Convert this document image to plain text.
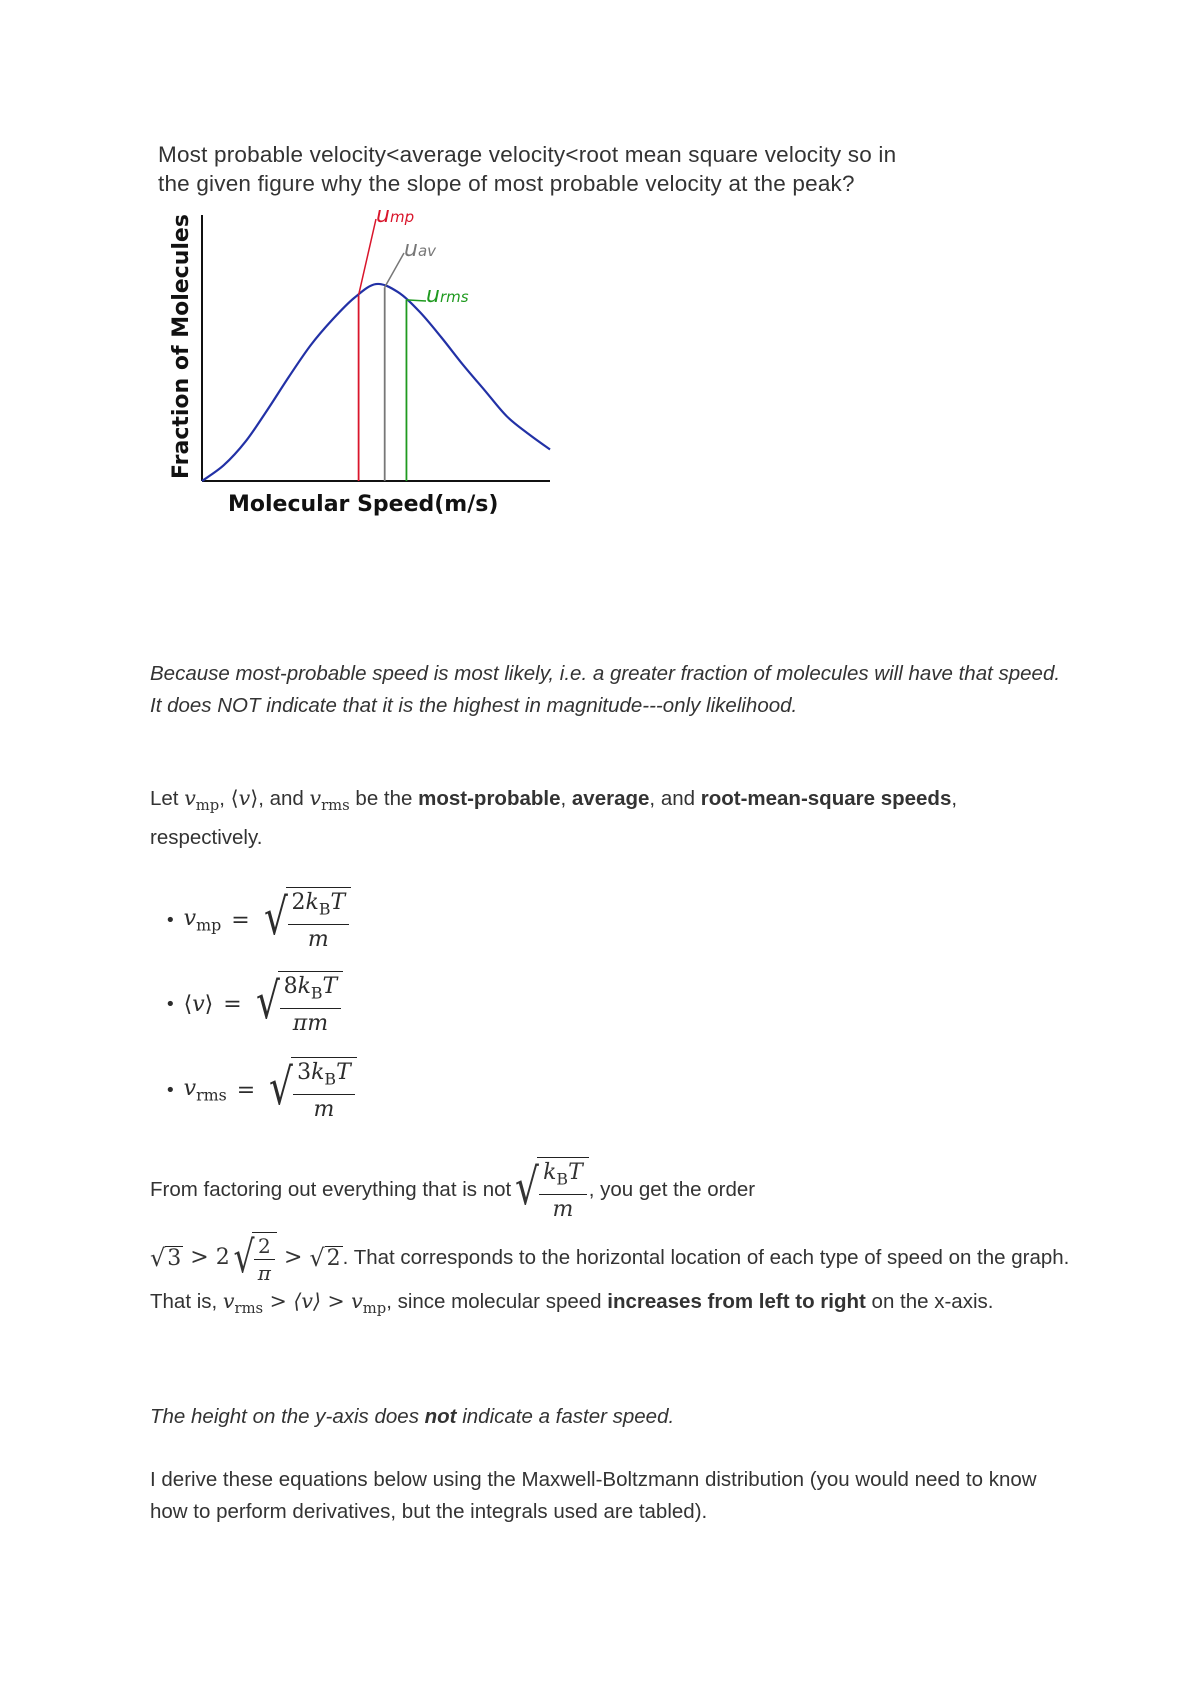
Most probable velocity<average velocity<root mean square velocity so in
the given figure why the slope of most probable velocity at the peak?
Fraction of Molecules
Molecular Speed(m/s)
ump
uav
urms
Because most-probable speed is most likely, i.e. a greater fraction of molecules will have that speed. It does NOT indicate that it is the highest in magnitude---only likelihood.
Let $v_{mp}$, ⟨v⟩, and $v_{rms}$ be the most-probable, average, and root-mean-square speeds, respectively.
• $v_{mp}$ = √ $\frac{2k_BT}{m}$
• ⟨v⟩ = √ $\frac{8k_BT}{\pi m}$
• $v_{rms}$ = √ $\frac{3k_BT}{m}$
From factoring out everything that is not √ $\frac{k_BT}{m}$ , you get the order
√ 3 > 2 √ $\frac{2}{\pi}$ > √ 2 . That corresponds to the horizontal location of each type of speed on the graph. That is, $v_{rms}$ > ⟨v⟩ > $v_{mp}$, since molecular speed increases from left to right on the x-axis.
The height on the y-axis does not indicate a faster speed.
I derive these equations below using the Maxwell-Boltzmann distribution (you would need to know how to perform derivatives, but the integrals used are tabled).
